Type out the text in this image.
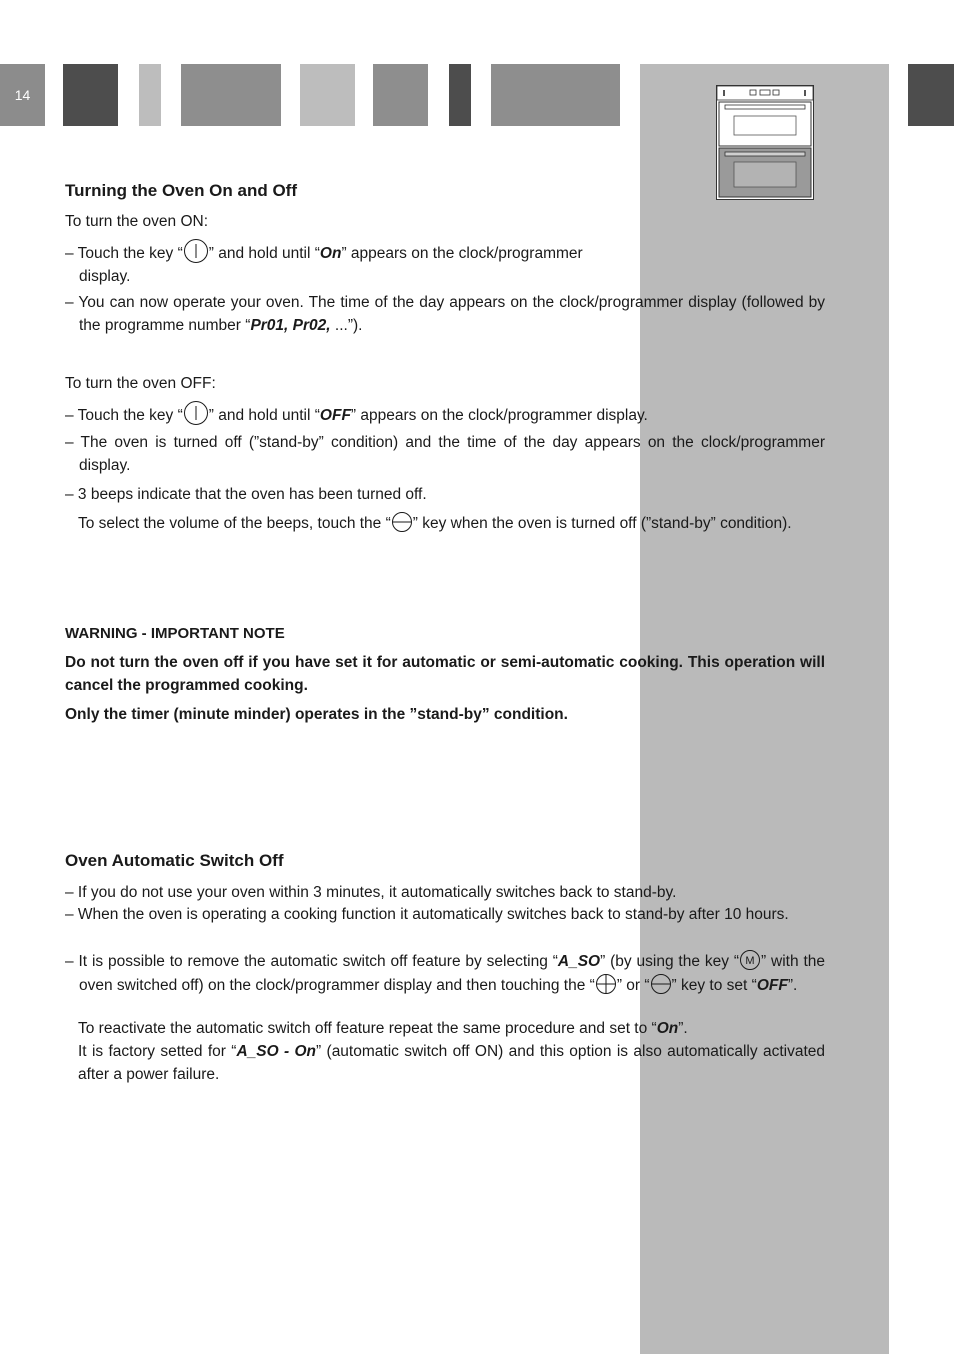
14
Turning the Oven On and Off
To turn the oven ON:
– Touch the key “ ” and hold until “On” appears on the clock/programmer display.
– You can now operate your oven. The time of the day appears on the clock/programmer display (followed by the programme number “Pr01, Pr02, ...”).
To turn the oven OFF:
– Touch the key “ ” and hold until “OFF” appears on the clock/programmer display.
– The oven is turned off (”stand-by” condition) and the time of the day appears on the clock/programmer display.
– 3 beeps indicate that the oven has been turned off.
To select the volume of the beeps, touch the “ ” key when the oven is turned off (”stand-by” condition).
WARNING - IMPORTANT NOTE
Do not turn the oven off if you have set it for automatic or semi-automatic cooking. This operation will cancel the programmed cooking.
Only the timer (minute minder) operates in the ”stand-by” condition.
Oven Automatic Switch Off
– If you do not use your oven within 3 minutes, it automatically switches back to stand-by.
– When the oven is operating a cooking function it automatically switches back to stand-by after 10 hours.
– It is possible to remove the automatic switch off feature by selecting “A_SO” (by using the key “ M ” with the oven switched off) on the clock/programmer display and then touching the “ ” or “ ” key to set “OFF”.
To reactivate the automatic switch off feature repeat the same procedure and set to “On”.
It is factory setted for “A_SO - On” (automatic switch off ON) and this option is also automatically activated after a power failure.
